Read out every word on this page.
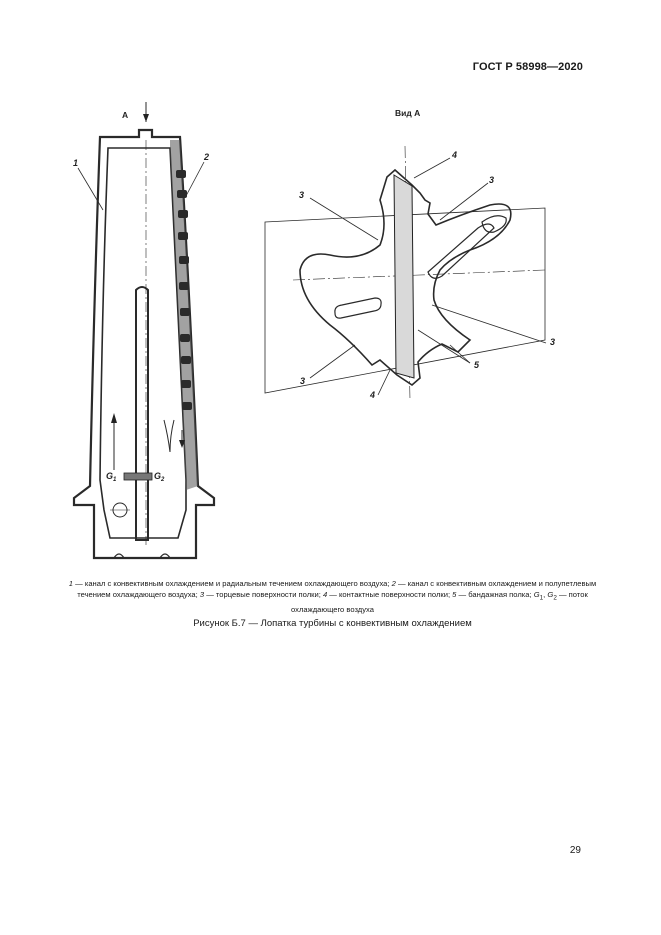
ГОСТ Р 58998—2020
А
1
2
$G_1$	$G_2$
Вид А
4
3
3
3
5
3
4
1 — канал с конвективным охлаждением и радиальным течением охлаждающего воздуха; 2 — канал с конвективным охлаждением и полупетлевым течением охлаждающего воздуха; 3 — торцевые поверхности полки; 4 — контактные поверхности полки; 5 — бандажная полка; $G_1$, $G_2$ — поток охлаждающего воздуха
Рисунок Б.7 — Лопатка турбины с конвективным охлаждением
29
